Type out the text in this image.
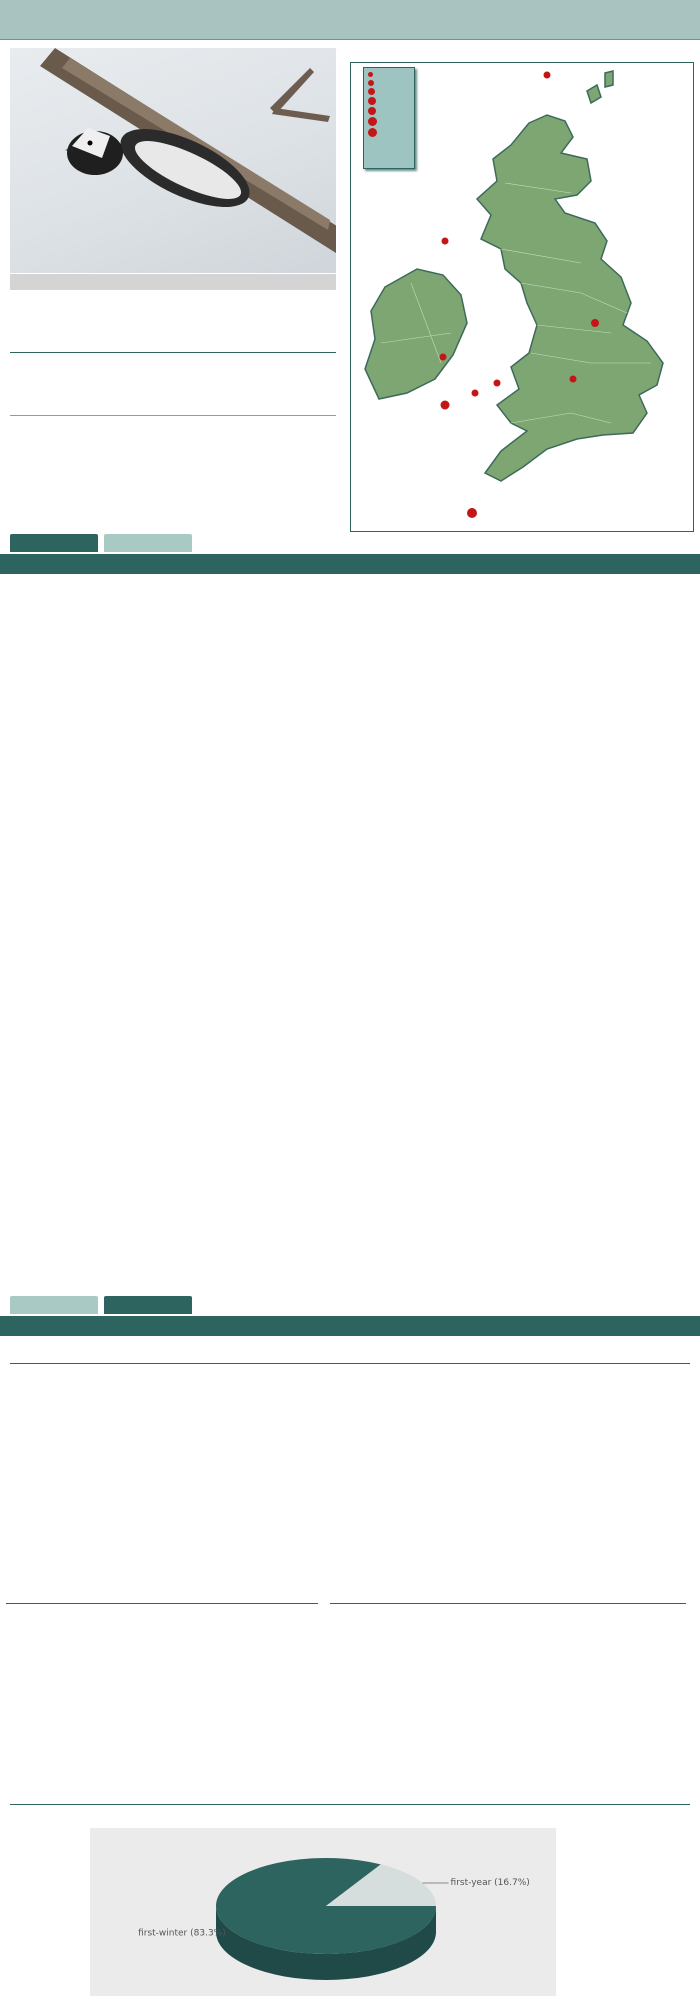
first-year (16.7%)
first-winter (83.3%)
